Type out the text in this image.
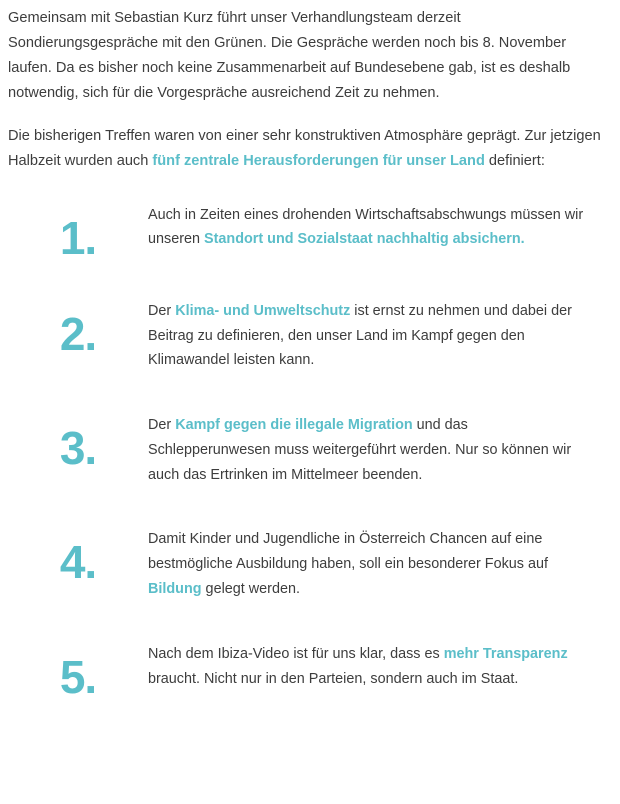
Gemeinsam mit Sebastian Kurz führt unser Verhandlungsteam derzeit Sondierungsgespräche mit den Grünen. Die Gespräche werden noch bis 8. November laufen. Da es bisher noch keine Zusammenarbeit auf Bundesebene gab, ist es deshalb notwendig, sich für die Vorgespräche ausreichend Zeit zu nehmen.

Die bisherigen Treffen waren von einer sehr konstruktiven Atmosphäre geprägt. Zur jetzigen Halbzeit wurden auch fünf zentrale Herausforderungen für unser Land definiert:

1.	Auch in Zeiten eines drohenden Wirtschaftsabschwungs müssen wir unseren Standort und Sozialstaat nachhaltig absichern.
2.	Der Klima- und Umweltschutz ist ernst zu nehmen und dabei der Beitrag zu definieren, den unser Land im Kampf gegen den Klimawandel leisten kann.
3.	Der Kampf gegen die illegale Migration und das Schlepperunwesen muss weitergeführt werden. Nur so können wir auch das Ertrinken im Mittelmeer beenden.
4.	Damit Kinder und Jugendliche in Österreich Chancen auf eine bestmögliche Ausbildung haben, soll ein besonderer Fokus auf Bildung gelegt werden.
5.	Nach dem Ibiza-Video ist für uns klar, dass es mehr Transparenz braucht. Nicht nur in den Parteien, sondern auch im Staat.
